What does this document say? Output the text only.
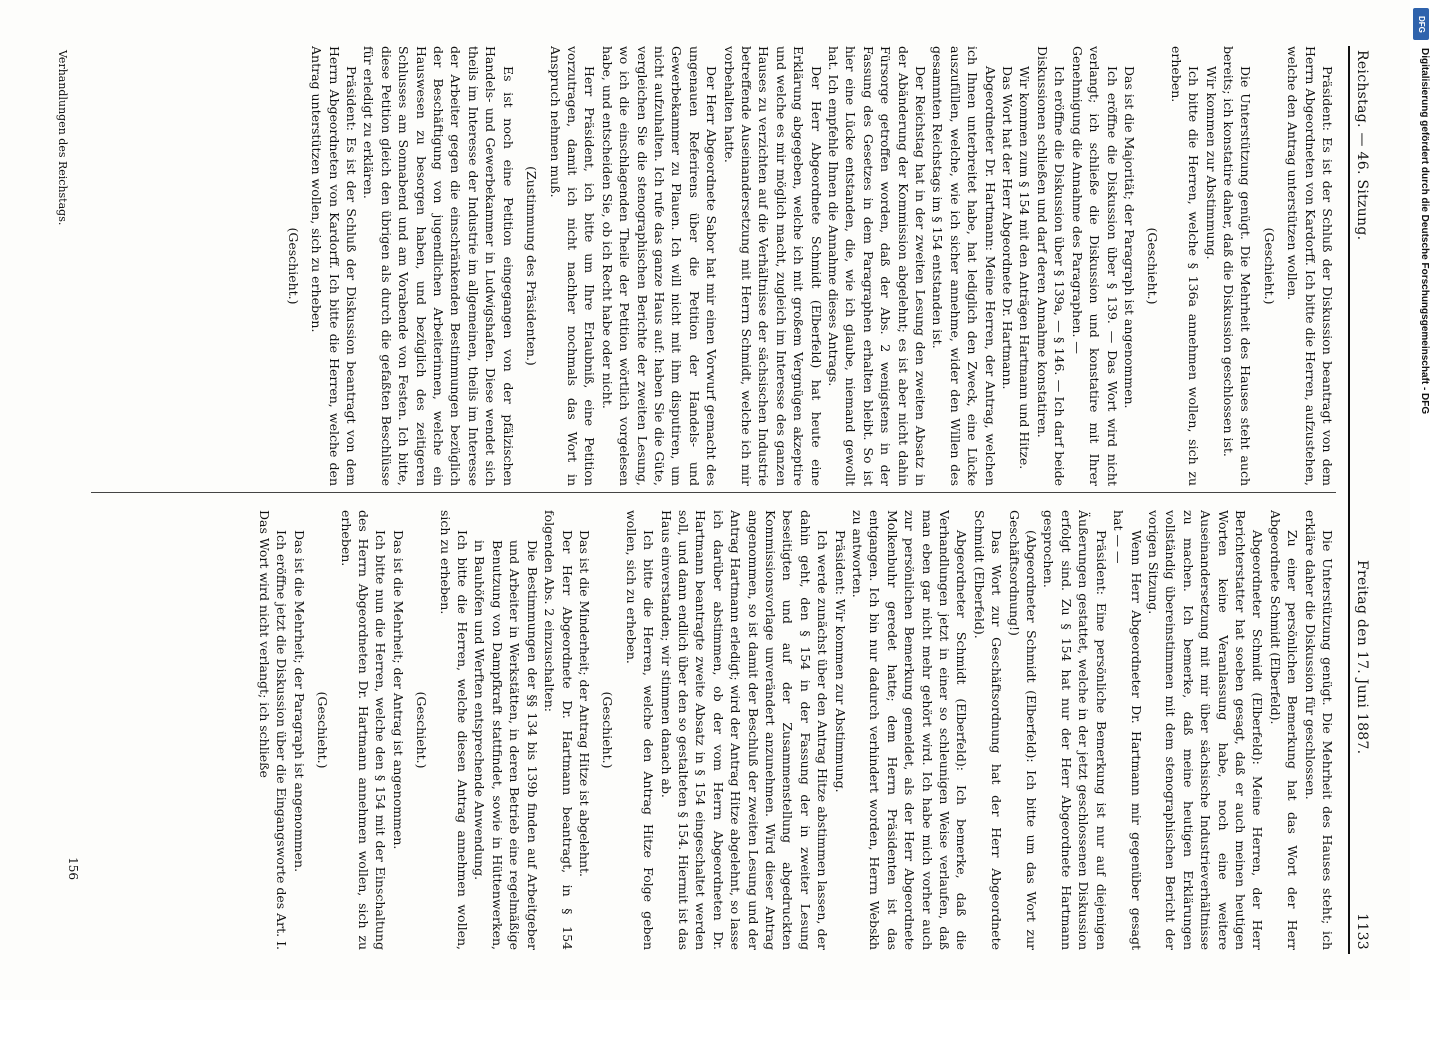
Reichstag. — 46. Sitzung.
Freitag den 17. Juni 1887.
1133

Präsident: Es ist der Schluß der Diskussion beantragt von dem Herrn Abgeordneten von Kardorff. Ich bitte die Herren, aufzustehen, welche den Antrag unterstützen wollen.

(Geschieht.)

Die Unterstützung genügt. Die Mehrheit des Hauses steht auch bereits; ich konstatire daher, daß die Diskussion geschlossen ist.

Wir kommen zur Abstimmung.

Ich bitte die Herren, welche § 136a annehmen wollen, sich zu erheben.

(Geschieht.)

Das ist die Majorität; der Paragraph ist angenommen.

Ich eröffne die Diskussion über § 139. — Das Wort wird nicht verlangt; ich schließe die Diskussion und konstatire mit Ihrer Genehmigung die Annahme des Paragraphen. —

Ich eröffne die Diskussion über § 139a, — § 146. — Ich darf beide Diskussionen schließen und darf deren Annahme konstatiren.

Wir kommen zum § 154 mit den Anträgen Hartmann und Hitze.

Das Wort hat der Herr Abgeordnete Dr. Hartmann.

Abgeordneter Dr. Hartmann: Meine Herren, der Antrag, welchen ich Ihnen unterbreitet habe, hat lediglich den Zweck, eine Lücke auszufüllen, welche, wie ich sicher annehme, wider den Willen des gesammten Reichstags im § 154 entstanden ist.

Der Reichstag hat in der zweiten Lesung den zweiten Absatz in der Abänderung der Kommission abgelehnt; es ist aber nicht dahin Fürsorge getroffen worden, daß der Abs. 2 wenigstens in der Fassung des Gesetzes in dem Paragraphen erhalten bleibt. So ist hier eine Lücke entstanden, die, wie ich glaube, niemand gewollt hat. Ich empfehle Ihnen die Annahme dieses Antrags.

Der Herr Abgeordnete Schmidt (Elberfeld) hat heute eine Erklärung abgegeben, welche ich mit großem Vergnügen akzeptire und welche es mir möglich macht, zugleich im Interesse des ganzen Hauses zu verzichten auf die Verhältnisse der sächsischen Industrie betreffende Auseinandersetzung mit Herrn Schmidt, welche ich mir vorbehalten hatte.

Der Herr Abgeordnete Sabor hat mir einen Vorwurf gemacht des ungenauen Referirens über die Petition der Handels- und Gewerbekammer zu Plauen. Ich will nicht mit ihm disputiren, um nicht aufzuhalten. Ich rufe das ganze Haus auf: haben Sie die Güte, vergleichen Sie die stenographischen Berichte der zweiten Lesung, wo ich die einschlagenden Theile der Petition wörtlich vorgelesen habe, und entscheiden Sie, ob ich Recht habe oder nicht.

Herr Präsident, ich bitte um Ihre Erlaubniß, eine Petition vorzutragen, damit ich nicht nachher nochmals das Wort in Anspruch nehmen muß.

(Zustimmung des Präsidenten.)

Es ist noch eine Petition eingegangen von der pfälzischen Handels- und Gewerbekammer in Ludwigshafen. Diese wendet sich theils im Interesse der Industrie im allgemeinen, theils im Interesse der Arbeiter gegen die einschränkenden Bestimmungen bezüglich der Beschäftigung von jugendlichen Arbeiterinnen, welche ein Hauswesen zu besorgen haben, und bezüglich des zeitigeren Schlusses am Sonnabend und am Vorabende von Festen. Ich bitte, diese Petition gleich den übrigen als durch die gefaßten Beschlüsse für erledigt zu erklären.

Präsident: Es ist der Schluß der Diskussion beantragt von dem Herrn Abgeordneten von Kardorff. Ich bitte die Herren, welche den Antrag unterstützen wollen, sich zu erheben.

(Geschieht.)

Die Unterstützung genügt. Die Mehrheit des Hauses steht; ich erkläre daher die Diskussion für geschlossen.

Zu einer persönlichen Bemerkung hat das Wort der Herr Abgeordnete Schmidt (Elberfeld).

Abgeordneter Schmidt (Elberfeld): Meine Herren, der Herr Berichterstatter hat soeben gesagt, daß er auch meinen heutigen Worten keine Veranlassung habe, noch eine weitere Auseinandersetzung mit mir über sächsische Industrieverhältnisse zu machen. Ich bemerke, daß meine heutigen Erklärungen vollständig übereinstimmen mit dem stenographischen Bericht der vorigen Sitzung.

Wenn Herr Abgeordneter Dr. Hartmann mir gegenüber gesagt hat — —

Präsident: Eine persönliche Bemerkung ist nur auf diejenigen Äußerungen gestattet, welche in der jetzt geschlossenen Diskussion erfolgt sind. Zu § 154 hat nur der Herr Abgeordnete Hartmann gesprochen.

(Abgeordneter Schmidt (Elberfeld): Ich bitte um das Wort zur Geschäftsordnung!)

Das Wort zur Geschäftsordnung hat der Herr Abgeordnete Schmidt (Elberfeld).

Abgeordneter Schmidt (Elberfeld): Ich bemerke, daß die Verhandlungen jetzt in einer so schleunigen Weise verlaufen, daß man eben gar nicht mehr gehört wird. Ich habe mich vorher auch zur persönlichen Bemerkung gemeldet, als der Herr Abgeordnete Molkenbuhr geredet hatte; dem Herrn Präsidenten ist das entgangen. Ich bin nur dadurch verhindert worden, Herrn Webskh zu antworten.

Präsident: Wir kommen zur Abstimmung.

Ich werde zunächst über den Antrag Hitze abstimmen lassen, der dahin geht, den § 154 in der Fassung der in zweiter Lesung beseitigten und auf der Zusammenstellung abgedruckten Kommissionsvorlage unverändert anzunehmen. Wird dieser Antrag angenommen, so ist damit der Beschluß der zweiten Lesung und der Antrag Hartmann erledigt; wird der Antrag Hitze abgelehnt, so lasse ich darüber abstimmen, ob der vom Herrn Abgeordneten Dr. Hartmann beantragte zweite Absatz in § 154 eingeschaltet werden soll, und dann endlich über den so gestalteten § 154. Hiermit ist das Haus einverstanden; wir stimmen danach ab.

Ich bitte die Herren, welche den Antrag Hitze Folge geben wollen, sich zu erheben.

(Geschieht.)

Das ist die Minderheit; der Antrag Hitze ist abgelehnt.

Der Herr Abgeordnete Dr. Hartmann beantragt, in § 154 folgenden Abs. 2 einzuschalten:

Die Bestimmungen der §§ 134 bis 139b finden auf Arbeitgeber und Arbeiter in Werkstätten, in deren Betrieb eine regelmäßige Benutzung von Dampfkraft stattfindet, sowie in Hüttenwerken, in Bauhöfen und Werften entsprechende Anwendung.

Ich bitte die Herren, welche diesen Antrag annehmen wollen, sich zu erheben.

(Geschieht.)

Das ist die Mehrheit; der Antrag ist angenommen.

Ich bitte nun die Herren, welche den § 154 mit der Einschaltung des Herrn Abgeordneten Dr. Hartmann annehmen wollen, sich zu erheben.

(Geschieht.)

Das ist die Mehrheit; der Paragraph ist angenommen.

Ich eröffne jetzt die Diskussion über die Eingangsworte des Art. I. Das Wort wird nicht verlangt; ich schließe

Verhandlungen des Reichstags.
156
DFG
Digitalisierung gefördert durch die Deutsche Forschungsgemeinschaft - DFG
